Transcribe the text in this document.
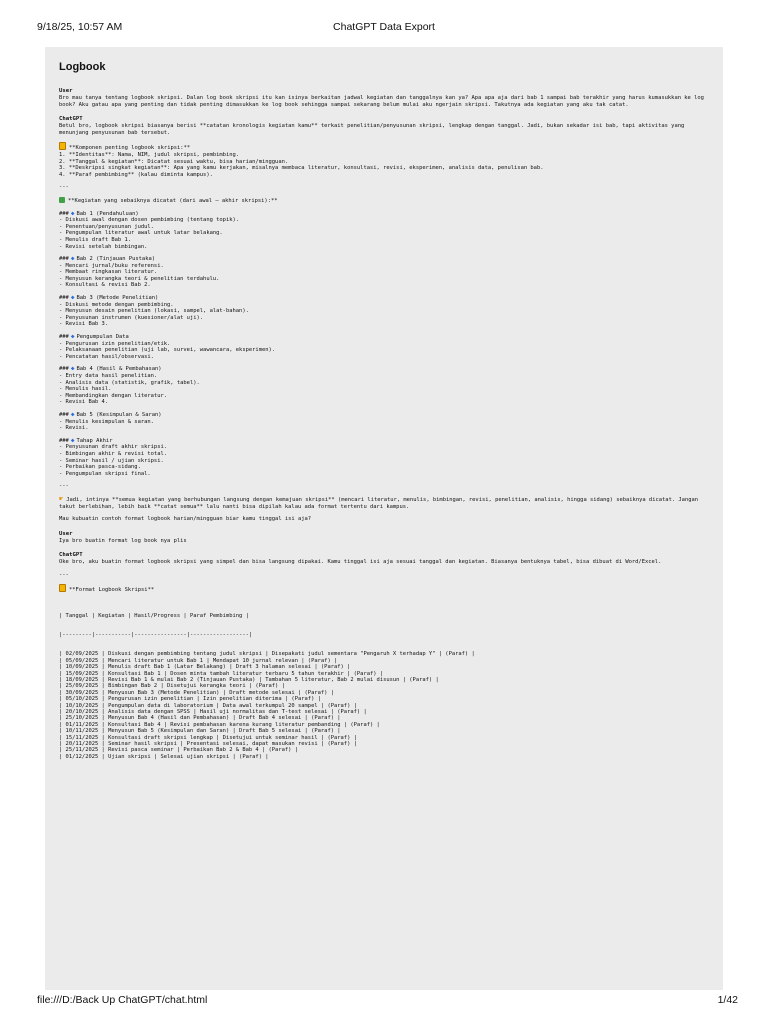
9/18/25, 10:57 AM	ChatGPT Data Export
Logbook
User
Bro mau tanya tentang logbook skripsi. Dalan log book skripsi itu kan isinya berkaitan jadwal kegiatan dan tanggalnya kan ya? Apa apa aja dari bab 1 sampai bab terakhir yang harus kumasukkan ke log book? Aku gatau apa yang penting dan tidak penting dimasukkan ke log book sehingga sampai sekarang belum mulai aku ngerjain skripsi. Takutnya ada kegiatan yang aku tak catat.
ChatGPT
Betul bro, logbook skripsi biasanya berisi **catatan kronologis kegiatan kamu** terkait penelitian/penyusunan skripsi, lengkap dengan tanggal. Jadi, bukan sekadar isi bab, tapi aktivitas yang menunjang penyusunan bab tersebut.
**Komponen penting logbook skripsi:**
1. **Identitas**: Nama, NIM, judul skripsi, pembimbing.
2. **Tanggal & kegiatan**: Dicatat sesuai waktu, bisa harian/mingguan.
3. **Deskripsi singkat kegiatan**: Apa yang kamu kerjakan, misalnya membaca literatur, konsultasi, revisi, eksperimen, analisis data, penulisan bab.
4. **Paraf pembimbing** (kalau diminta kampus).
---
**Kegiatan yang sebaiknya dicatat (dari awal – akhir skripsi):**
### ◆ Bab 1 (Pendahuluan)
- Diskusi awal dengan dosen pembimbing (tentang topik).
- Penentuan/penyusunan judul.
- Pengumpulan literatur awal untuk latar belakang.
- Menulis draft Bab 1.
- Revisi setelah bimbingan.
### ◆ Bab 2 (Tinjauan Pustaka)
- Mencari jurnal/buku referensi.
- Membaat ringkasan literatur.
- Menyusun kerangka teori & penelitian terdahulu.
- Konsultasi & revisi Bab 2.
### ◆ Bab 3 (Metode Penelitian)
- Diskusi metode dengan pembimbing.
- Menyusun desain penelitian (lokasi, sampel, alat-bahan).
- Penyusunan instrumen (kuesioner/alat uji).
- Revisi Bab 3.
### ◆ Pengumpulan Data
- Pengurusan izin penelitian/etik.
- Pelaksanaan penelitian (uji lab, survei, wawancara, eksperimen).
- Pencatatan hasil/observasi.
### ◆ Bab 4 (Hasil & Pembahasan)
- Entry data hasil penelitian.
- Analisis data (statistik, grafik, tabel).
- Menulis hasil.
- Membandingkan dengan literatur.
- Revisi Bab 4.
### ◆ Bab 5 (Kesimpulan & Saran)
- Menulis kesimpulan & saran.
- Revisi.
### ◆ Tahap Akhir
- Penyusunan draft akhir skripsi.
- Bimbingan akhir & revisi total.
- Seminar hasil / ujian skripsi.
- Perbaikan pasca-sidang.
- Pengumpulan skripsi final.
---
☛ Jadi, intinya **semua kegiatan yang berhubungan langsung dengan kemajuan skripsi** (mencari literatur, menulis, bimbingan, revisi, penelitian, analisis, hingga sidang) sebaiknya dicatat. Jangan takut berlebihan, lebih baik **catat semua** lalu nanti bisa dipilah kalau ada format tertentu dari kampus.
Mau kubuatin contoh format logbook harian/mingguan biar kamu tinggal isi aja?
User
Iya bro buatin format log book nya plis
ChatGPT
Oke bro, aku buatin format logbook skripsi yang simpel dan bisa langsung dipakai. Kamu tinggal isi aja sesuai tanggal dan kegiatan. Biasanya bentuknya tabel, bisa dibuat di Word/Excel.
---
**Format Logbook Skripsi**

| Tanggal | Kegiatan | Hasil/Progress | Paraf Pembimbing |

|---------|-----------|----------------|------------------|

| 02/09/2025 | Diskusi dengan pembimbing tentang judul skripsi | Disepakati judul sementara "Pengaruh X terhadap Y" | (Paraf) |
| 05/09/2025 | Mencari literatur untuk Bab 1 | Mendapat 10 jurnal relevan | (Paraf) |
| 10/09/2025 | Menulis draft Bab 1 (Latar Belakang) | Draft 3 halaman selesai | (Paraf) |
| 15/09/2025 | Konsultasi Bab 1 | Dosen minta tambah literatur terbaru 5 tahun terakhir | (Paraf) |
| 18/09/2025 | Revisi Bab 1 & mulai Bab 2 (Tinjauan Pustaka) | Tambahan 5 literatur, Bab 2 mulai disusun | (Paraf) |
| 25/09/2025 | Bimbingan Bab 2 | Disetujui kerangka teori | (Paraf) |
| 30/09/2025 | Menyusun Bab 3 (Metode Penelitian) | Draft metode selesai | (Paraf) |
| 05/10/2025 | Pengurusan izin penelitian | Izin penelitian diterima | (Paraf) |
| 10/10/2025 | Pengumpulan data di laboratorium | Data awal terkumpul 20 sampel | (Paraf) |
| 20/10/2025 | Analisis data dengan SPSS | Hasil uji normalitas dan T-test selesai | (Paraf) |
| 25/10/2025 | Menyusun Bab 4 (Hasil dan Pembahasan) | Draft Bab 4 selesai | (Paraf) |
| 01/11/2025 | Konsultasi Bab 4 | Revisi pembahasan karena kurang literatur pembanding | (Paraf) |
| 10/11/2025 | Menyusun Bab 5 (Kesimpulan dan Saran) | Draft Bab 5 selesai | (Paraf) |
| 15/11/2025 | Konsultasi draft skripsi lengkap | Disetujui untuk seminar hasil | (Paraf) |
| 20/11/2025 | Seminar hasil skripsi | Presentasi selesai, dapat masukan revisi | (Paraf) |
| 25/11/2025 | Revisi pasca seminar | Perbaikan Bab 2 & Bab 4 | (Paraf) |
| 01/12/2025 | Ujian skripsi | Selesai ujian skripsi | (Paraf) |

file:///D:/Back Up ChatGPT/chat.html	1/42
